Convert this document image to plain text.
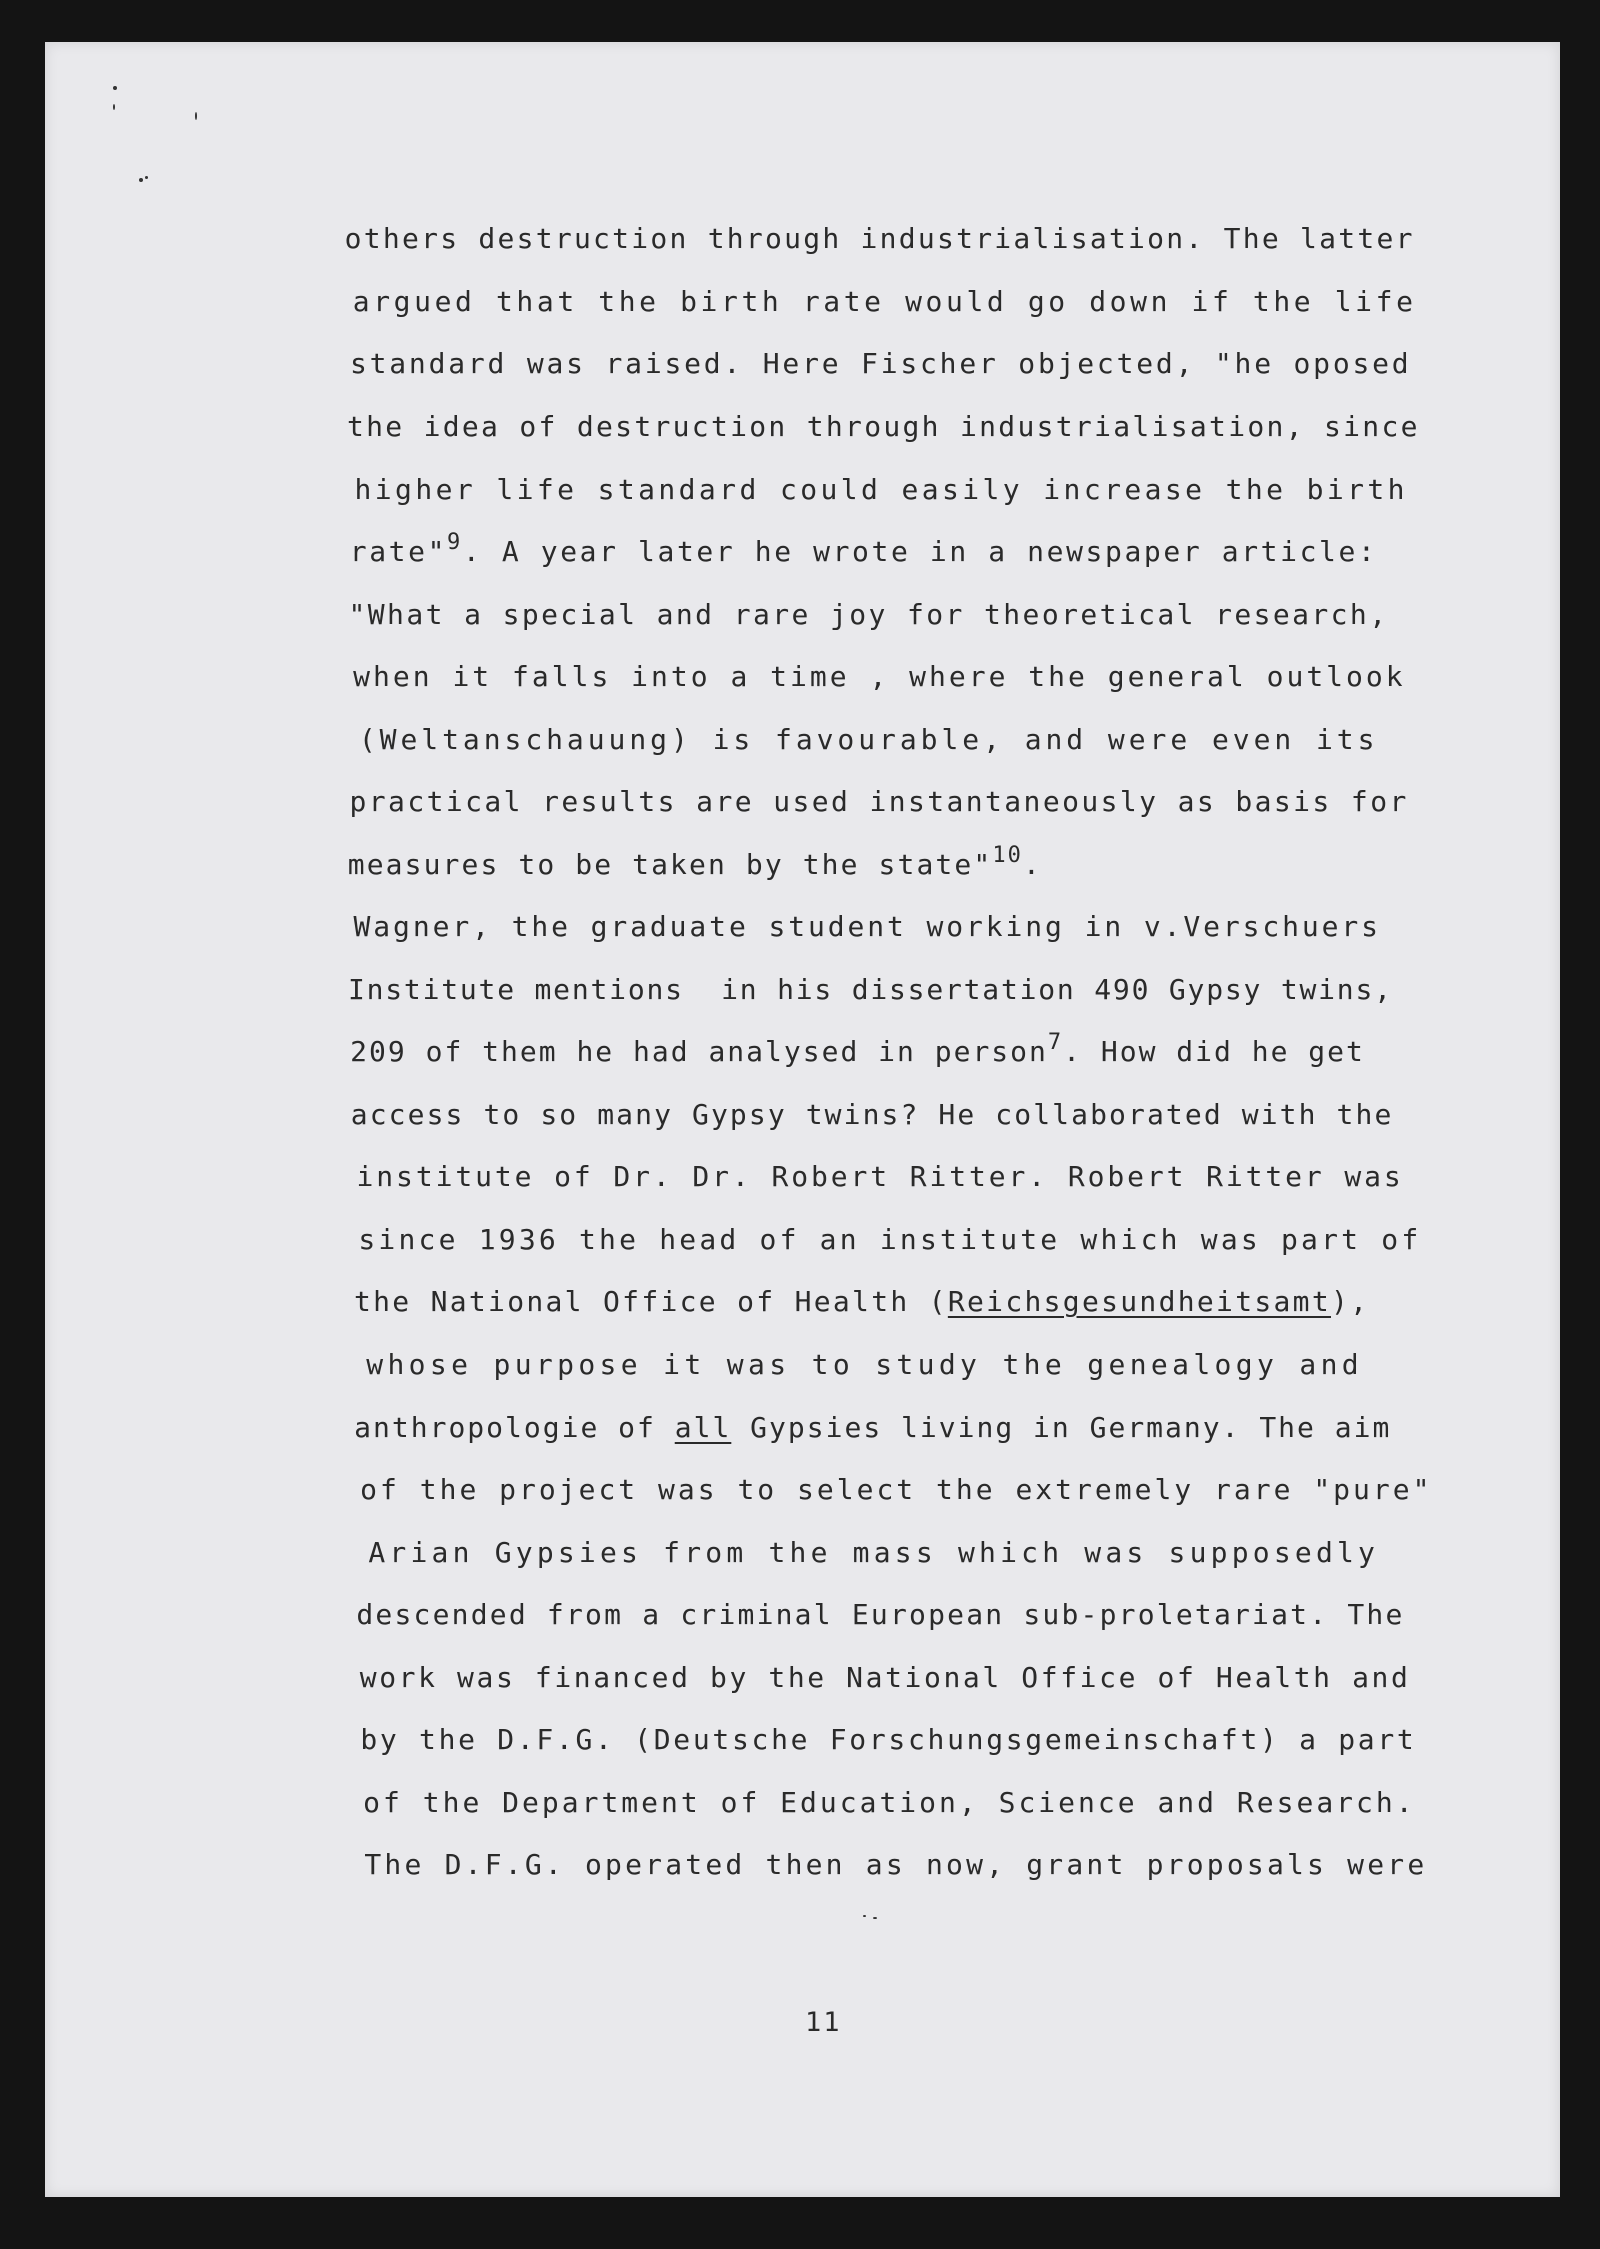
others destruction through industrialisation. The latter

argued that the birth rate would go down if the life

standard was raised. Here Fischer objected, "he oposed

the idea of destruction through industrialisation, since

higher life standard could easily increase the birth

rate"$^9$. A year later he wrote in a newspaper article:

"What a special and rare joy for theoretical research,

when it falls into a time , where the general outlook

(Weltanschauung) is favourable, and were even its

practical results are used instantaneously as basis for

measures to be taken by the state"$^{10}$.

Wagner, the graduate student working in v.Verschuers

Institute mentions  in his dissertation 490 Gypsy twins,

209 of them he had analysed in person$^7$. How did he get

access to so many Gypsy twins? He collaborated with the

institute of Dr. Dr. Robert Ritter. Robert Ritter was

since 1936 the head of an institute which was part of

the National Office of Health (Reichsgesundheitsamt),

whose purpose it was to study the genealogy and

anthropologie of all Gypsies living in Germany. The aim

of the project was to select the extremely rare "pure"

Arian Gypsies from the mass which was supposedly

descended from a criminal European sub-proletariat. The

work was financed by the National Office of Health and

by the D.F.G. (Deutsche Forschungsgemeinschaft) a part

of the Department of Education, Science and Research.

The D.F.G. operated then as now, grant proposals were

11
